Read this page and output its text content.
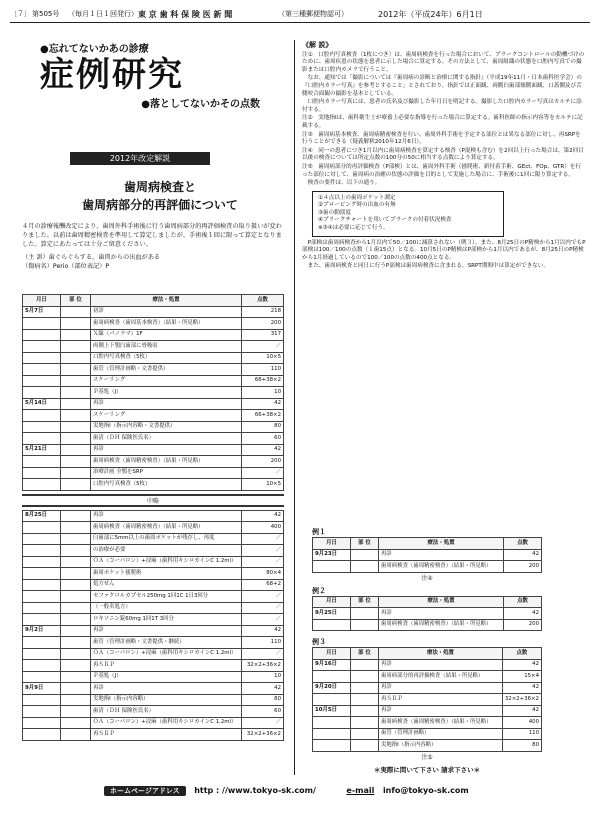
〔７〕 第505号 （毎月１日１回発行） 東 京 歯 科 保 険 医 新 聞	（第三種郵便物認可）	2012年（平成24年）6月1日
●忘れてないかあの診療
症例研究
●落としてないかその点数
2012年改定解説
歯周病検査と
歯周病部分的再評価について
４月の診療報酬改定により、歯周外科手術後に行う歯周病部分的再評価検査の取り扱いが変わりました。以前は歯周精密検査を準用して算定しましたが、手術後１回に限って算定となりました。算定にあたっては十分ご留意ください。
（主 訴）歯ぐらぐらする。歯肉からの出血がある
（傷病名）Perio（部位表記）P
月日	部 位	療法・処置	点数
5月7日		初診	218
		歯周病検査（歯周基本検査）（結果・所見略）	200
		Ｘ線（パノラマ）1F	317
		両側上下顎臼歯部に骨吸収	／
		口腔内写真検査（5枚）	10×5
		歯管（管理計画略・文書提供）	110
		スケーリング	66+38×2
		Ｐ基処（J）	10
5月14日		再診	42
		スケーリング	66+38×2
		実地指Ⅰ（指示内容略・文書提供）	80
		歯清（ＤＨ 保険医氏名）	60
5月21日		再診	42
		歯周病検査（歯周精密検査）（結果・所見略）	200
		治療計画 全顎をSRP	／
		口腔内写真検査（5枚）	10×5
中略
8月25日		再診	42
		歯周病検査（歯周精密検査）（結果・所見略）	400
		臼歯部に5mm以上の歯周ポケットが残存し、再度	／
		の治療が必要	／
		ＯＡ（コーパロン）+浸麻（歯科用キシロカインC 1.2ml）	／
		歯周ポケット掻爬術	80×4
		処方せん	68+2
		セファクロルカプセル250mg 1回1C 1日3回分	／
		（一般名処方）	／
		ロキソニン錠60mg 1回1T 3回分	／
9月2日		再診	42
		歯管（管理計画略・文書提供・継続）	110
		ＯＡ（コーパロン）+浸麻（歯科用キシロカインC 1.2ml）	／
		再ＳＲＰ	32×2+36×2
		Ｐ基処（J）	10
9月9日		再診	42
		実地指Ⅰ（指示内容略）	80
		歯清（ＤＨ 保険医氏名）	60
		ＯＡ（コーパロン）+浸麻（歯科用キシロカインC 1.2ml）	／
		再ＳＲＰ	32×2+36×2
《解 説》

注①　口腔内写真検査（1枚につき）は、歯周病検査を行った場合において、プラークコントロールの動機づけのために、歯周疾患の状態を患者に示した場合に算定する。その方法として、歯周組織の状態を口腔内写真での撮影または口腔内カメラで行うこと。

　なお、通知では「撮影については『歯周病の診断と治療に関する指針』（平成19年11月・日本歯科医学会）の『口腔内カラー写真』を参考とすること」とされており、指針では正面観、両側臼歯部頬側面観、口蓋側及び舌側咬合面観の撮影を基本としている。

　口腔内カラー写真には、患者の氏名及び撮影した年月日を明記する。撮影した口腔内カラー写真はカルテに添付する。

注②　実地指Ⅰは、歯科衛生士が療養上必要な指導を行った場合に算定する。歯科医師の指示内容等をカルテに記載する。

注③　歯周病基本検査、歯周病精密検査を行い、歯周外科手術を予定する部位とは異なる部位に対し、再SRPを行うことができる（疑義解釈2010年12月6日）。

注④　同一の患者につき1月以内に歯周病検査を算定する検査（P混検も含む）を2回以上行った場合は、第2回目以後の検査については所定点数の100分の50に相当する点数により算定する。

注⑤　歯周病部分的再評価検査（P部検）とは、歯周外科手術（掻爬術、新付着手術、GEct、FOp、GTR）を行った部位に対して、歯周病の治癒の状態の評価を目的として実施した場合に、手術後に1回に限り算定する。

　検査の要件は、以下の通り。

①４点以上の歯周ポケット測定
②プロービング時の出血の有無
③歯の動揺度
④プラークチャートを用いてプラークの付着状況検査
※③④は必要に応じて行う。

　P部検は歯周病検査から1月以内で50／100に減算されない（例３）。また、8月25日のP精検から1月以内でもP部検は100／100の点数（１歯15点）となる。10月5日のP精検はP部検から1月以内であるが、8月25日のP精検から1月経過しているので100／100の点数の400点となる。

　また、歯周病検査と同日に行うP部検は歯周病検査に含まれる。SRPT期間中は算定ができない。

例１
月日	部 位	療法・処置	点数
9月23日		再診	42
		歯周病検査（歯周精密検査）（結果・所見略）	200
注④
例２
月日	部 位	療法・処置	点数
9月25日		再診	42
		歯周病検査（歯周精密検査）（結果・所見略）	200
例３
月日	部 位	療法・処置	点数
9月16日		再診	42
		歯周病部分的再評価検査（結果・所見略）	15×4
9月20日		再診	42
		再ＳＲＰ	32×2+36×2
10月5日		再診	42
		歯周病検査（歯周精密検査）（結果・所見略）	400
		歯管（管理計画略）	110
		実地指Ⅰ（指示内容略）	80
注⑤
＊実際に問いて下さい 請求下さい＊
ホームページアドレス http : //www.tokyo-sk.com/	e-mail info@tokyo-sk.com
